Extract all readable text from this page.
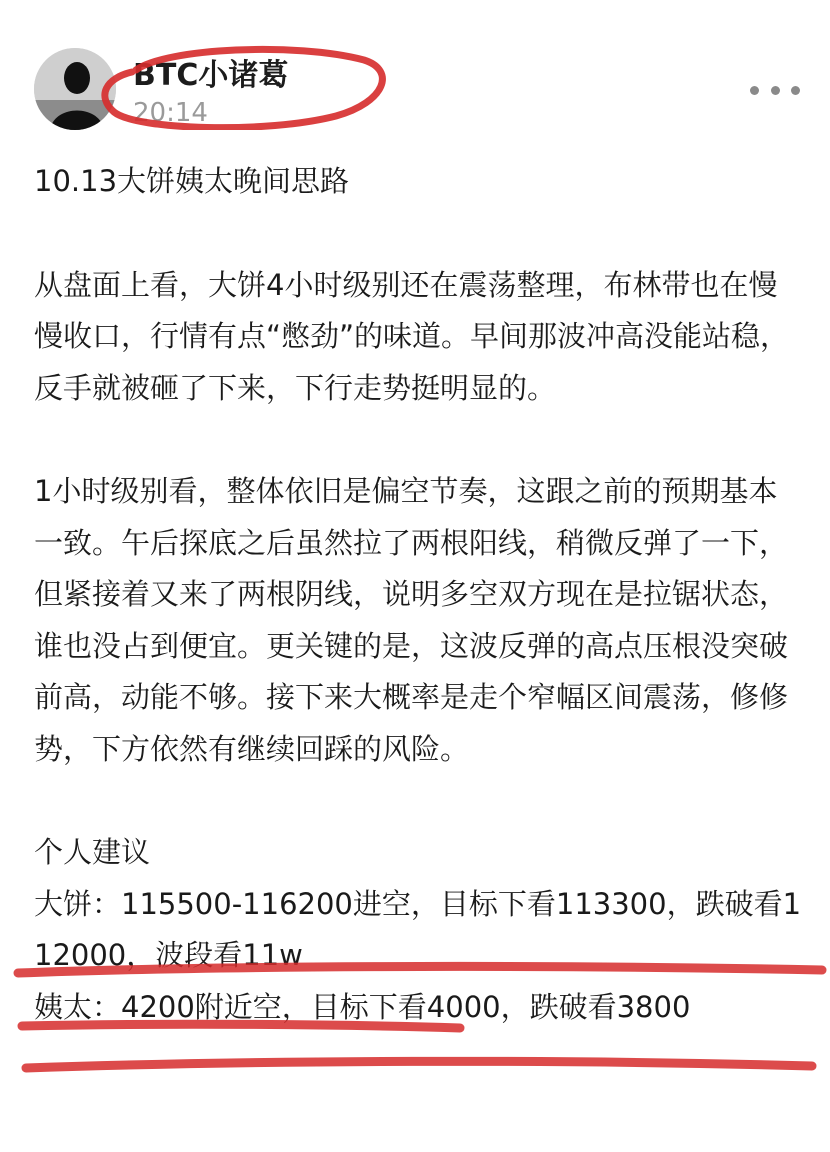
BTC小诸葛
20:14

10.13大饼姨太晚间思路

从盘面上看，大饼4小时级别还在震荡整理，布林带也在慢慢收口，行情有点“憋劲”的味道。早间那波冲高没能站稳，反手就被砸了下来，下行走势挺明显的。

1小时级别看，整体依旧是偏空节奏，这跟之前的预期基本一致。午后探底之后虽然拉了两根阳线，稍微反弹了一下，但紧接着又来了两根阴线，说明多空双方现在是拉锯状态，谁也没占到便宜。更关键的是，这波反弹的高点压根没突破前高，动能不够。接下来大概率是走个窄幅区间震荡，修修势，下方依然有继续回踩的风险。

个人建议

大饼：115500-116200进空，目标下看113300，跌破看112000，波段看11w

姨太：4200附近空，目标下看4000，跌破看3800
